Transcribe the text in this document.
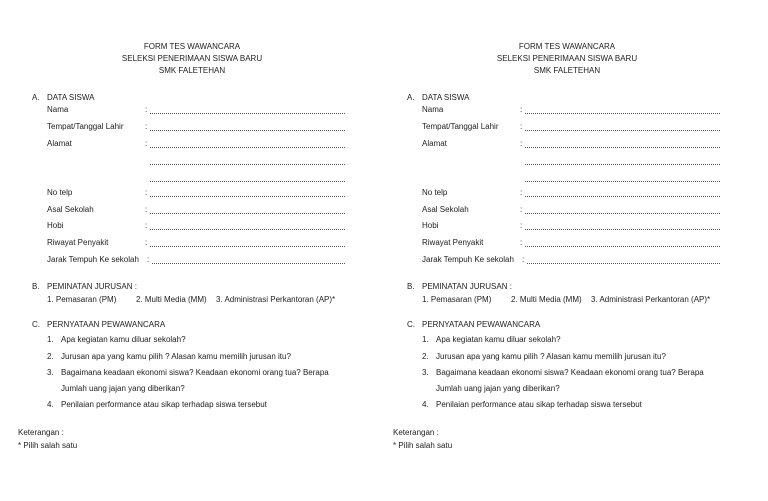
FORM TES WAWANCARA
SELEKSI PENERIMAAN SISWA BARU
SMK FALETEHAN
A. DATA SISWA
Nama	:
Tempat/Tanggal Lahir	:
Alamat	:
No telp	:
Asal Sekolah	:
Hobi	:
Riwayat Penyakit	:
Jarak Tempuh Ke sekolah :
B. PEMINATAN JURUSAN :
1. Pemasaran (PM) 2. Multi Media (MM) 3. Administrasi Perkantoran (AP)*
C. PERNYATAAN PEWAWANCARA
1. Apa kegiatan kamu diluar sekolah?
2. Jurusan apa yang kamu pilih ? Alasan kamu memilih jurusan itu?
3. Bagaimana keadaan ekonomi siswa? Keadaan ekonomi orang tua? Berapa
Jumlah uang jajan yang diberikan?
4. Penilaian performance atau sikap terhadap siswa tersebut
Keterangan :
* Pilih salah satu
FORM TES WAWANCARA
SELEKSI PENERIMAAN SISWA BARU
SMK FALETEHAN
A. DATA SISWA
Nama	:
Tempat/Tanggal Lahir	:
Alamat	:
No telp	:
Asal Sekolah	:
Hobi	:
Riwayat Penyakit	:
Jarak Tempuh Ke sekolah :
B. PEMINATAN JURUSAN :
1. Pemasaran (PM) 2. Multi Media (MM) 3. Administrasi Perkantoran (AP)*
C. PERNYATAAN PEWAWANCARA
1. Apa kegiatan kamu diluar sekolah?
2. Jurusan apa yang kamu pilih ? Alasan kamu memilih jurusan itu?
3. Bagaimana keadaan ekonomi siswa? Keadaan ekonomi orang tua? Berapa
Jumlah uang jajan yang diberikan?
4. Penilaian performance atau sikap terhadap siswa tersebut
Keterangan :
* Pilih salah satu
